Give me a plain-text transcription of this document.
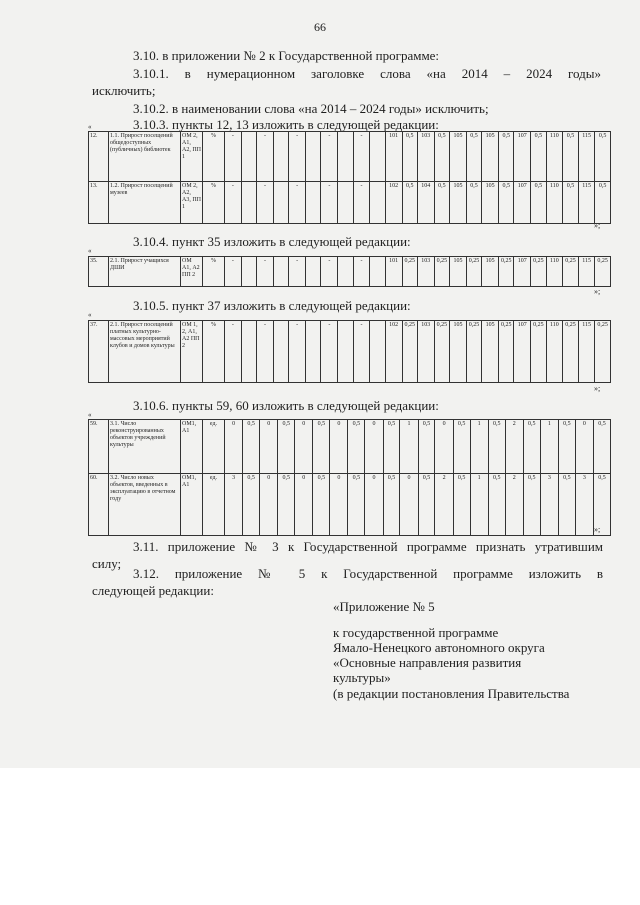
66
3.10. в приложении № 2 к Государственной программе:
3.10.1. в нумерационном заголовке слова «на 2014 – 2024 годы»
исключить;
3.10.2. в наименовании слова «на 2014 – 2024 годы» исключить;
3.10.3. пункты 12, 13 изложить в следующей редакции:
«
12.	1.1. Прирост посещений общедоступных (публичных) библиотек	ОМ 2, А1, А2, ПП 1	%	-		-		-		-		-		101	0,5	103	0,5	105	0,5	105	0,5	107	0,5	110	0,5	115	0,5
13.	1.2. Прирост посещений музеев	ОМ 2, А2, А3, ПП 1	%	-		-		-		-		-		102	0,5	104	0,5	105	0,5	105	0,5	107	0,5	110	0,5	115	0,5
»;
3.10.4. пункт 35 изложить в следующей редакции:
«
35.	2.1. Прирост учащихся ДШИ	ОМ А1, А2 ПП 2	%	-		-		-		-		-		101	0,25	103	0,25	105	0,25	105	0,25	107	0,25	110	0,25	115	0,25
»;
3.10.5. пункт 37 изложить в следующей редакции:
«
37.	2.1. Прирост посещений платных культурно-массовых мероприятий клубов и домов культуры	ОМ 1, 2, А1, А2 ПП 2	%	-		-		-		-		-		102	0,25	103	0,25	105	0,25	105	0,25	107	0,25	110	0,25	115	0,25
»;
3.10.6. пункты 59, 60 изложить в следующей редакции:
«
59.	3.1. Число реконструированных объектов учреждений культуры	ОМ1, А1	ед.	0	0,5	0	0,5	0	0,5	0	0,5	0	0,5	1	0,5	0	0,5	1	0,5	2	0,5	1	0,5	0	0,5
60.	3.2. Число новых объектов, введенных в эксплуатацию в отчетном году	ОМ1, А1	ед.	3	0,5	0	0,5	0	0,5	0	0,5	0	0,5	0	0,5	2	0,5	1	0,5	2	0,5	3	0,5	3	0,5
»;
3.11. приложение № 3 к Государственной программе признать утратившим
силу;
3.12. приложение № 5 к Государственной программе изложить в
следующей редакции:
«Приложение № 5
к государственной программе
Ямало-Ненецкого автономного округа
«Основные направления развития
культуры»
(в редакции постановления Правительства
